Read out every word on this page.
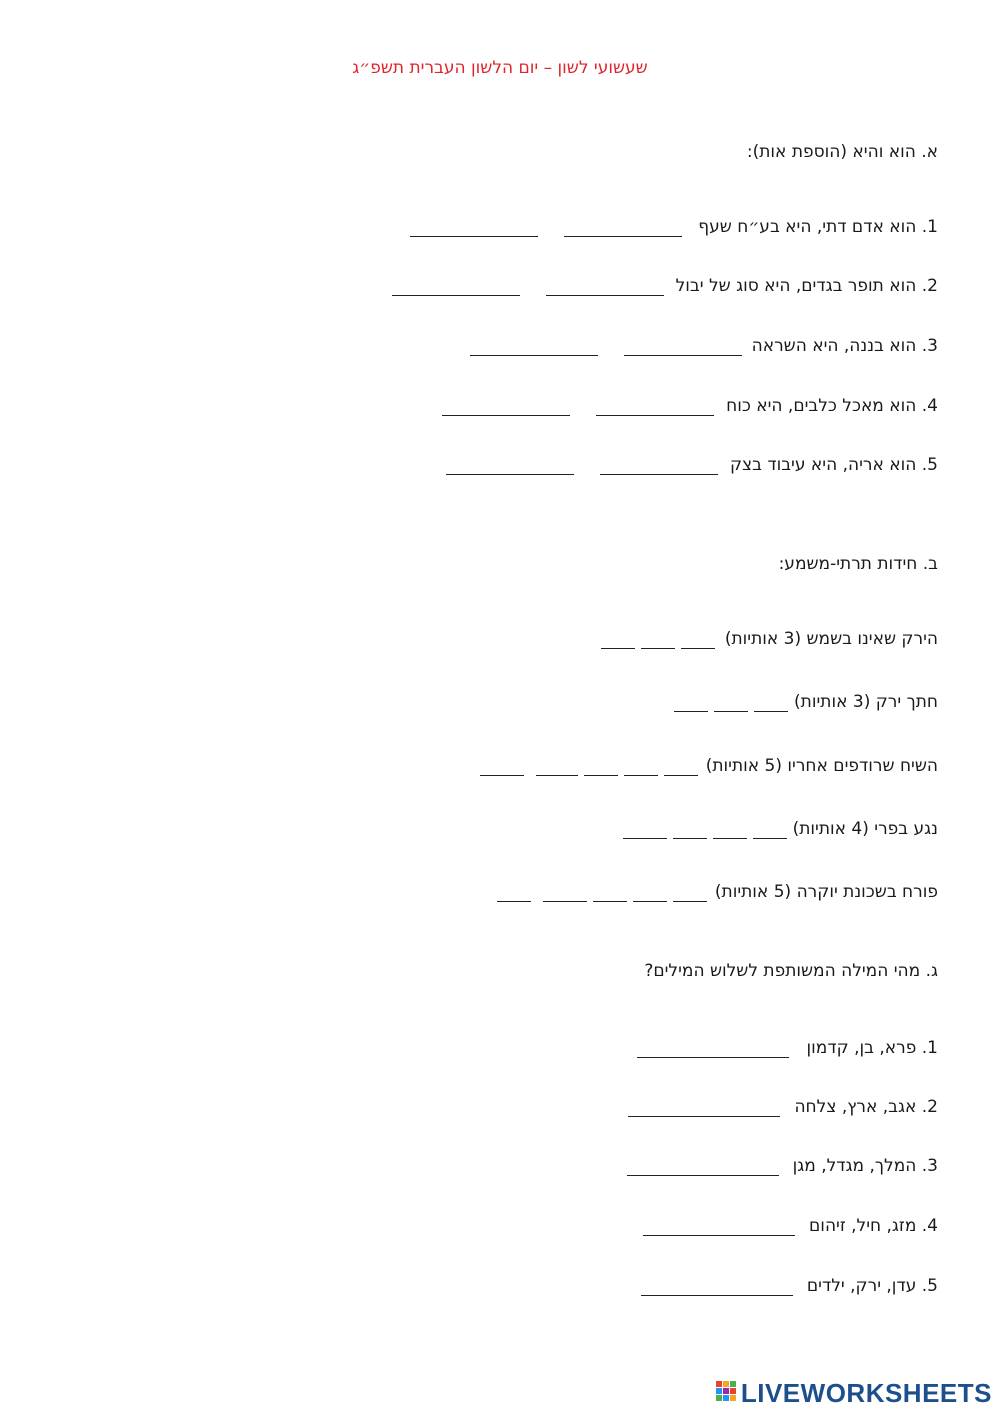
שעשועי לשון – יום הלשון העברית תשפ״ג
א. הוא והיא (הוספת אות):
1. הוא אדם דתי, היא בע״ח שעף
2. הוא תופר בגדים, היא סוג של יבול
3. הוא בננה, היא השראה
4. הוא מאכל כלבים, היא כוח
5. הוא אריה, היא עיבוד בצק
ב. חידות תרתי-משמע:
הירק שאינו בשמש (3 אותיות)
חתך ירק (3 אותיות)
השיח שרודפים אחריו (5 אותיות)
נגע בפרי (4 אותיות)
פורח בשכונת יוקרה (5 אותיות)
ג. מהי המילה המשותפת לשלוש המילים?
1. פרא, בן, קדמון
2. אגב, ארץ, צלחה
3. המלך, מגדל, מגן
4. מזג, חיל, זיהום
5. עדן, ירק, ילדים
LIVEWORKSHEETS
